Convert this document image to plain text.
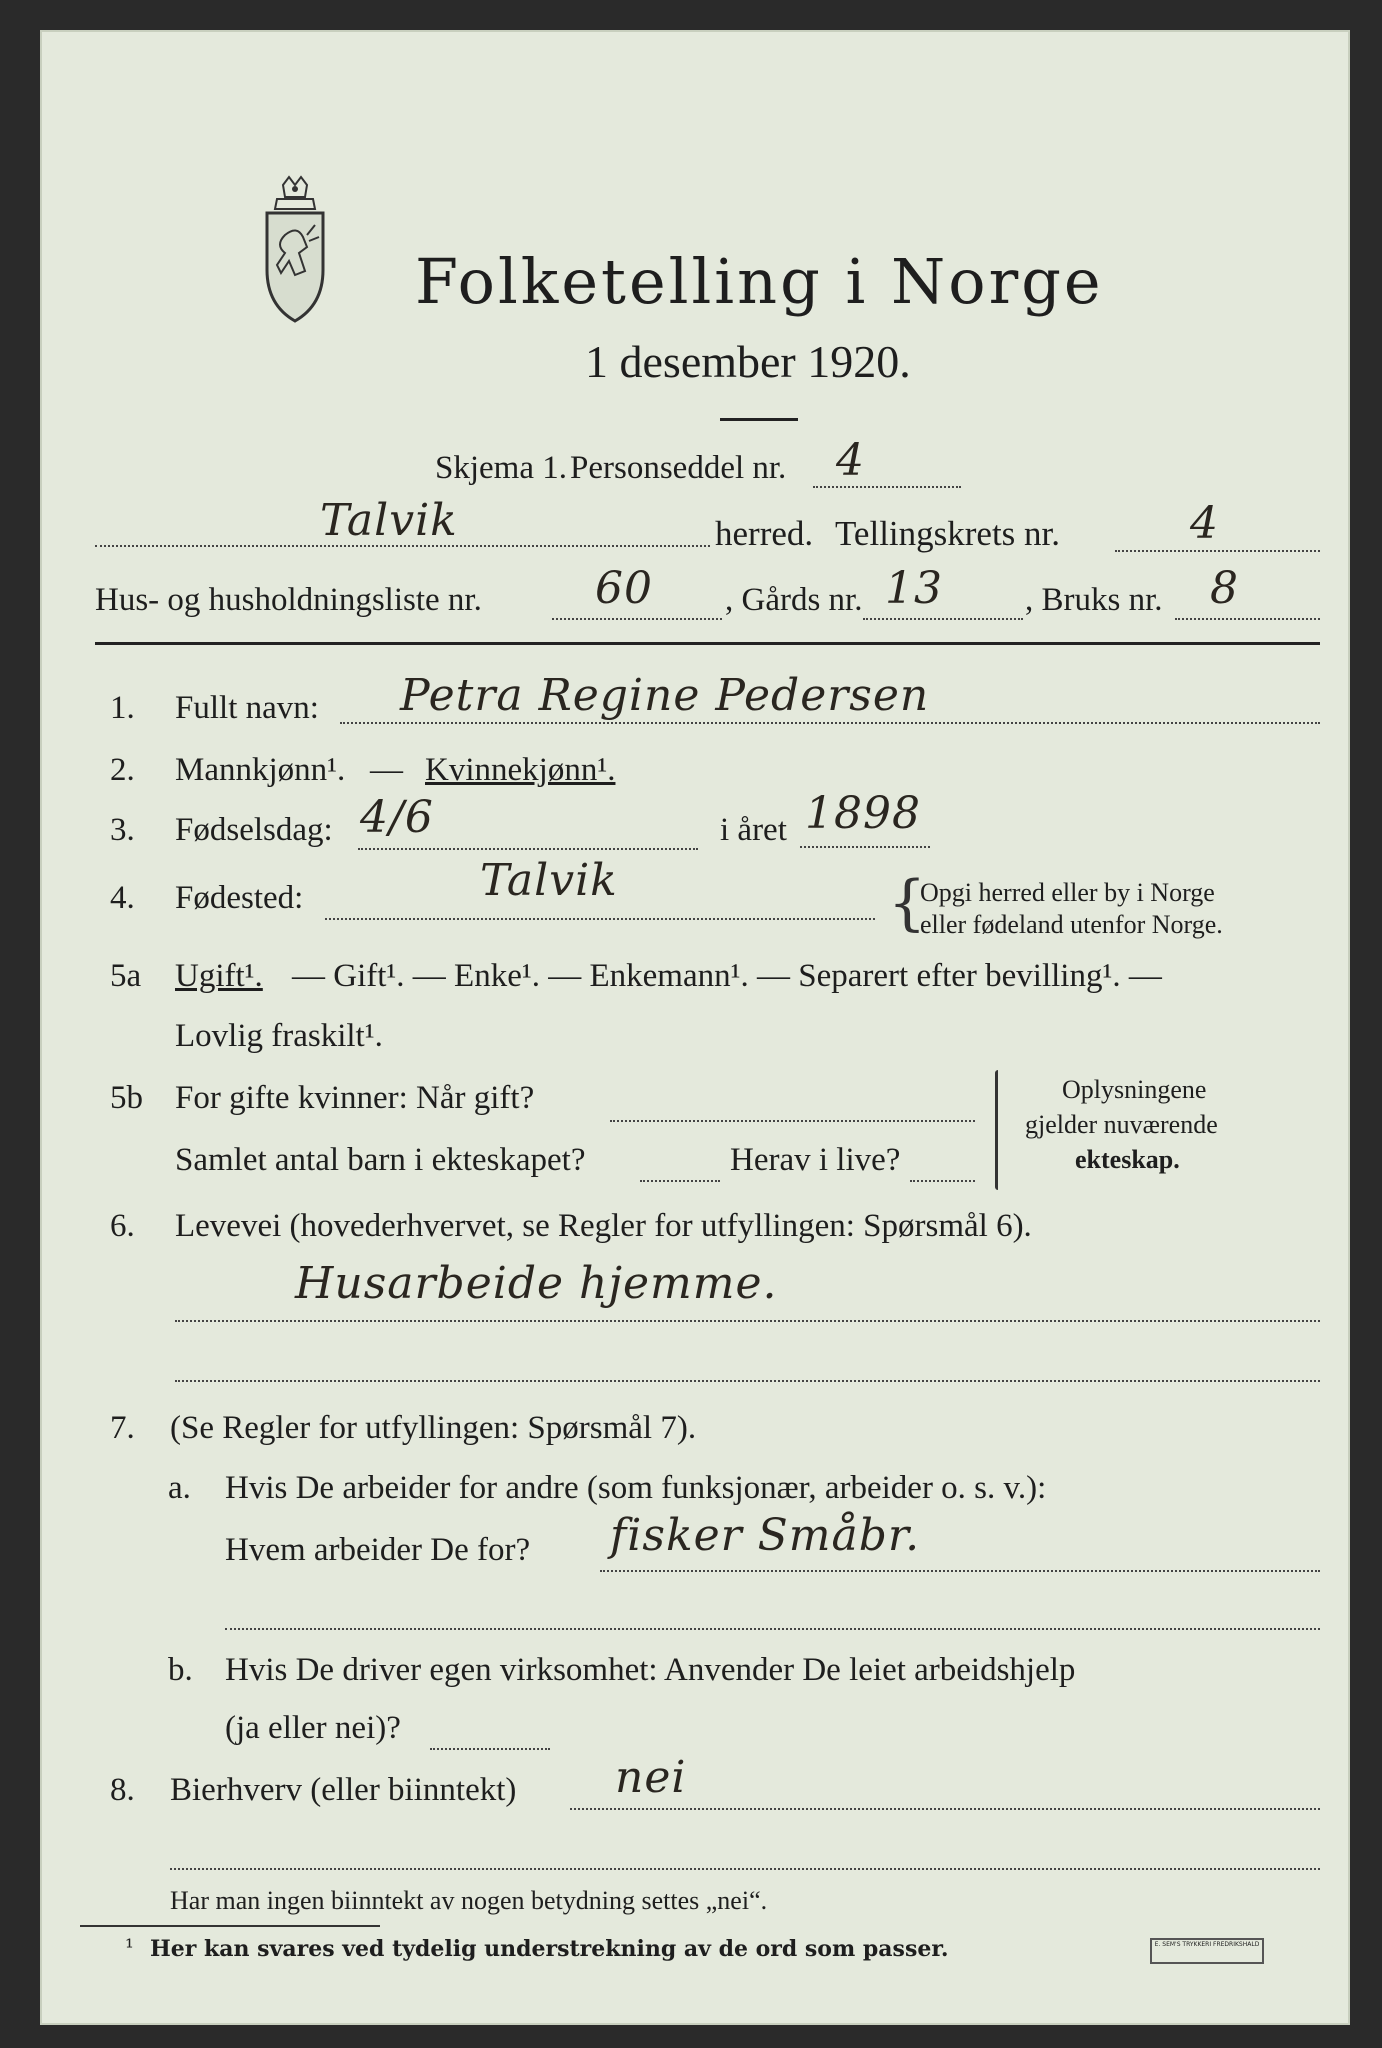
Folketelling i Norge
1 desember 1920.
Skjema 1. Personseddel nr. 4
Talvik	herred. Tellingskrets nr.	4
Hus- og husholdningsliste nr.	60 , Gårds nr. 13 , Bruks nr. 8
1. Fullt navn: Petra Regine Pedersen
2. Mannkjønn¹. — Kvinnekjønn¹.
3. Fødselsdag: 4/6	i året 1898
4. Fødested:	Talvik	{
Opgi herred eller by i Norge
eller fødeland utenfor Norge.
5a Ugift¹. — Gift¹. — Enke¹. — Enkemann¹. — Separert efter bevilling¹. —
Lovlig fraskilt¹.
5b For gifte kvinner: Når gift?
Samlet antal barn i ekteskapet?	Herav i live?
Oplysningene
gjelder nuværende
ekteskap.
6. Levevei (hovederhvervet, se Regler for utfyllingen: Spørsmål 6).
Husarbeide hjemme.
7. (Se Regler for utfyllingen: Spørsmål 7).
a. Hvis De arbeider for andre (som funksjonær, arbeider o. s. v.):
Hvem arbeider De for? fisker Småbr.
b. Hvis De driver egen virksomhet: Anvender De leiet arbeidshjelp
(ja eller nei)?
8. Bierhverv (eller biinntekt) nei
Har man ingen biinntekt av nogen betydning settes „nei“.
¹ Her kan svares ved tydelig understrekning av de ord som passer.	E. SEM'S TRYKKERI FREDRIKSHALD
